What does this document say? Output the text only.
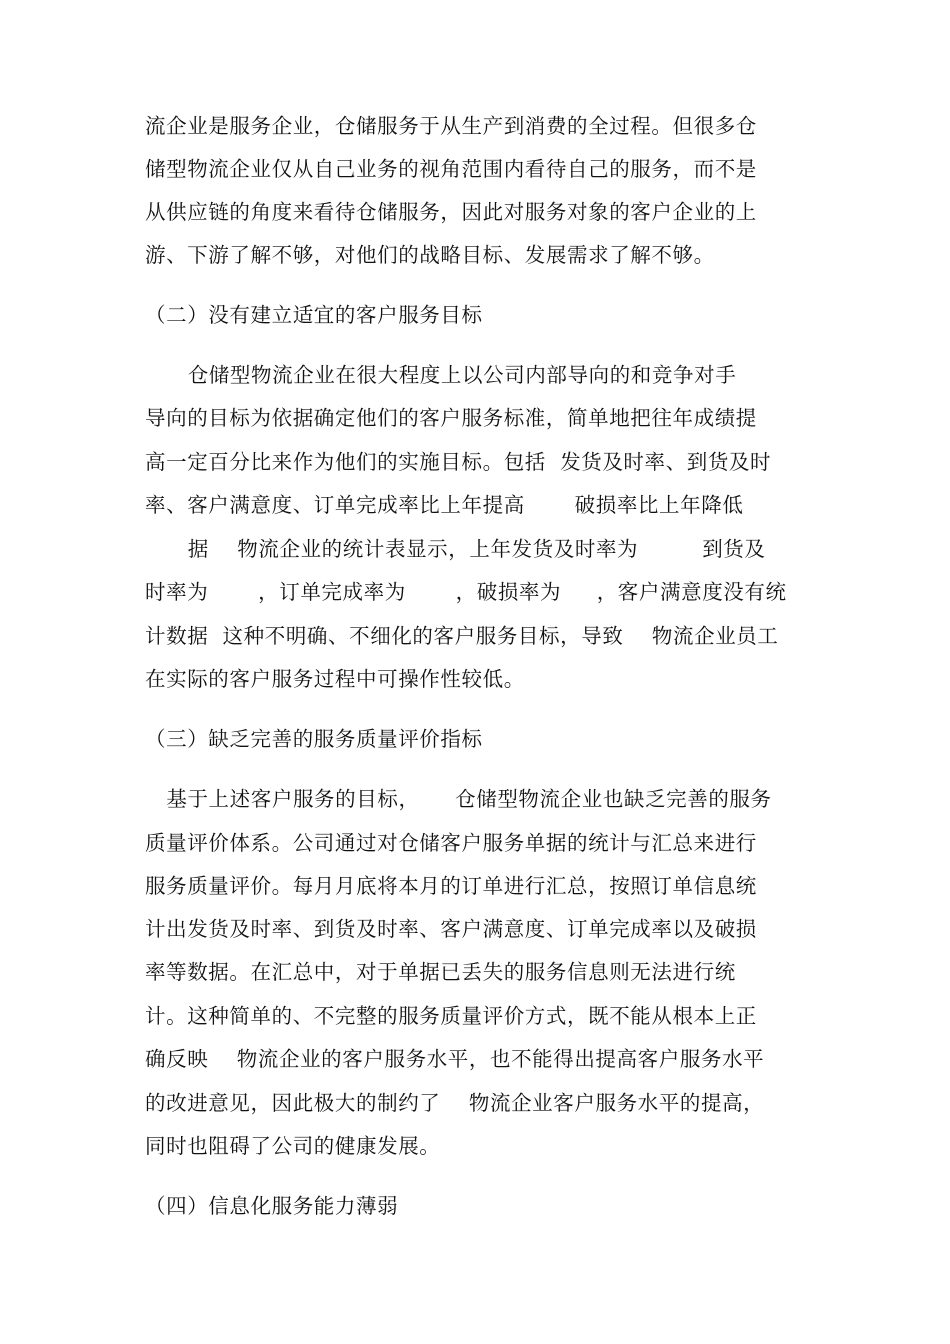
流企业是服务企业，仓储服务于从生产到消费的全过程。但很多仓
储型物流企业仅从自己业务的视角范围内看待自己的服务，而不是
从供应链的角度来看待仓储服务，因此对服务对象的客户企业的上
游、下游了解不够，对他们的战略目标、发展需求了解不够。
（二）没有建立适宜的客户服务目标
仓储型物流企业在很大程度上以公司内部导向的和竞争对手
导向的目标为依据确定他们的客户服务标准，简单地把往年成绩提
高一定百分比来作为他们的实施目标。包括  发货及时率、到货及时
率、客户满意度、订单完成率比上年提高       破损率比上年降低
据    物流企业的统计表显示，上年发货及时率为         到货及
时率为       ，订单完成率为       ，破损率为     ，客户满意度没有统
计数据  这种不明确、不细化的客户服务目标，导致    物流企业员工
在实际的客户服务过程中可操作性较低。
（三）缺乏完善的服务质量评价指标
基于上述客户服务的目标，     仓储型物流企业也缺乏完善的服务
质量评价体系。公司通过对仓储客户服务单据的统计与汇总来进行
服务质量评价。每月月底将本月的订单进行汇总，按照订单信息统
计出发货及时率、到货及时率、客户满意度、订单完成率以及破损
率等数据。在汇总中，对于单据已丢失的服务信息则无法进行统
计。这种简单的、不完整的服务质量评价方式，既不能从根本上正
确反映    物流企业的客户服务水平，也不能得出提高客户服务水平
的改进意见，因此极大的制约了    物流企业客户服务水平的提高，
同时也阻碍了公司的健康发展。
（四）信息化服务能力薄弱
